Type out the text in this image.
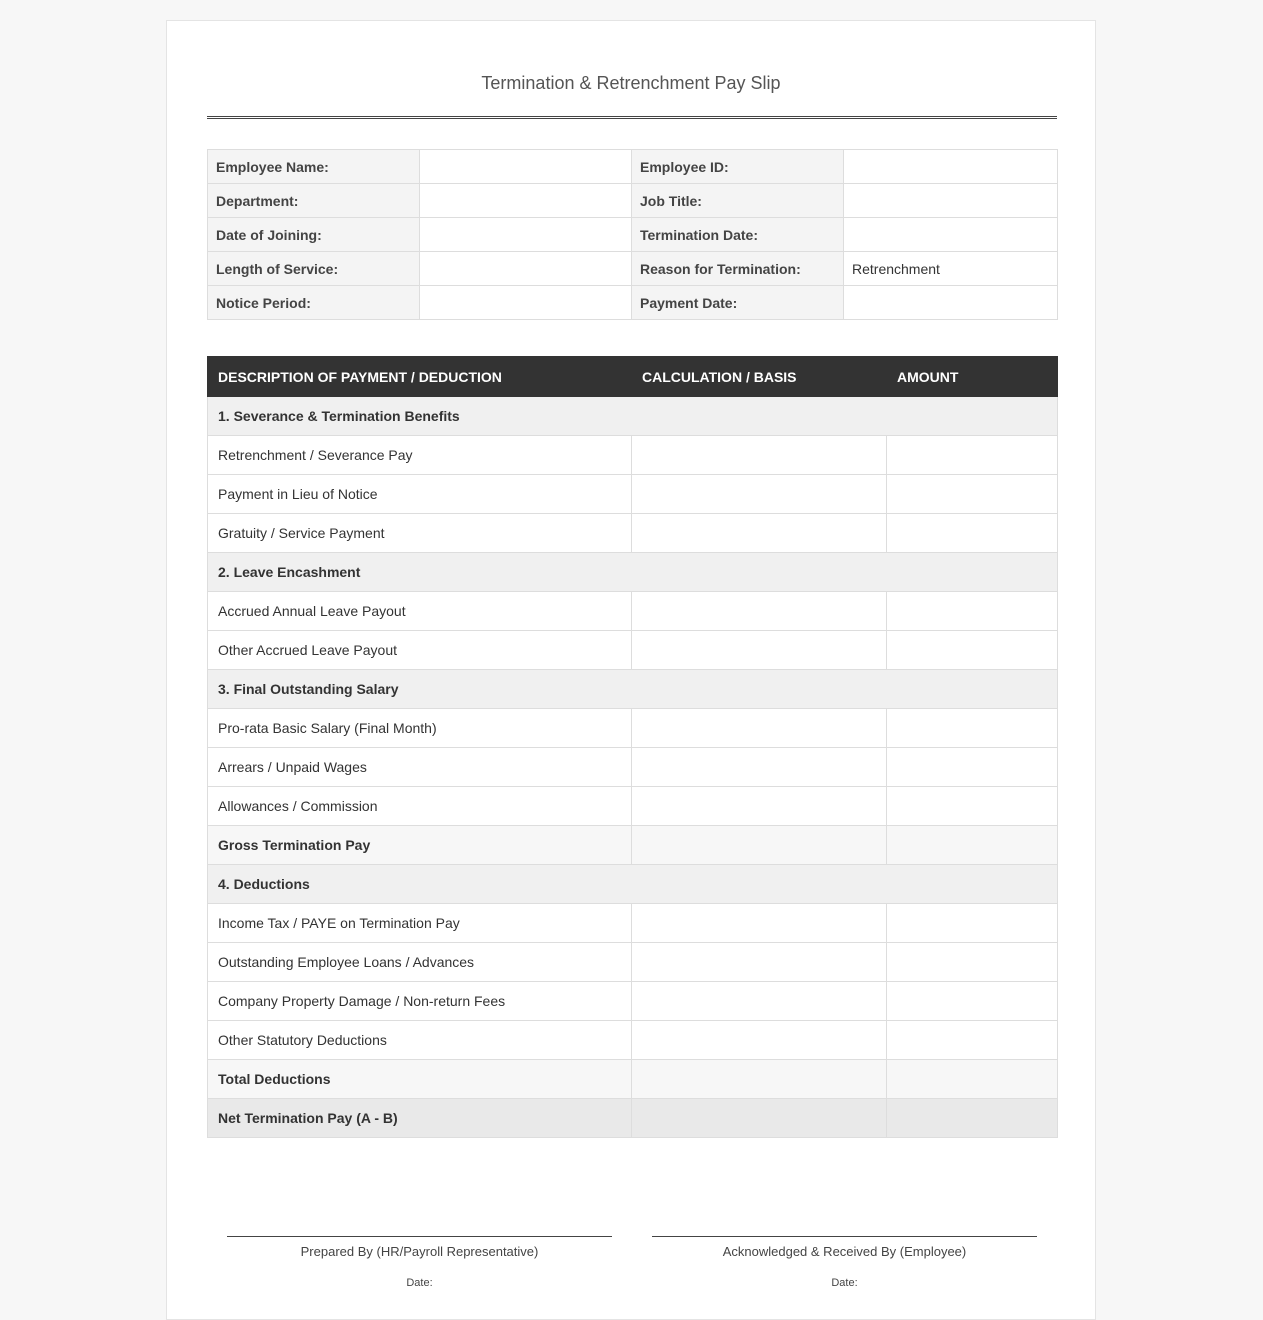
Termination & Retrenchment Pay Slip
Employee Name:		Employee ID:	
Department:		Job Title:	
Date of Joining:		Termination Date:	
Length of Service:		Reason for Termination:	Retrenchment
Notice Period:		Payment Date:	
DESCRIPTION OF PAYMENT / DEDUCTION	CALCULATION / BASIS	AMOUNT
1. Severance & Termination Benefits		
Retrenchment / Severance Pay		
Payment in Lieu of Notice		
Gratuity / Service Payment		
2. Leave Encashment		
Accrued Annual Leave Payout		
Other Accrued Leave Payout		
3. Final Outstanding Salary		
Pro-rata Basic Salary (Final Month)		
Arrears / Unpaid Wages		
Allowances / Commission		
Gross Termination Pay		
4. Deductions		
Income Tax / PAYE on Termination Pay		
Outstanding Employee Loans / Advances		
Company Property Damage / Non-return Fees		
Other Statutory Deductions		
Total Deductions		
Net Termination Pay (A - B)		
Prepared By (HR/Payroll Representative)
Date:
Acknowledged & Received By (Employee)
Date:
